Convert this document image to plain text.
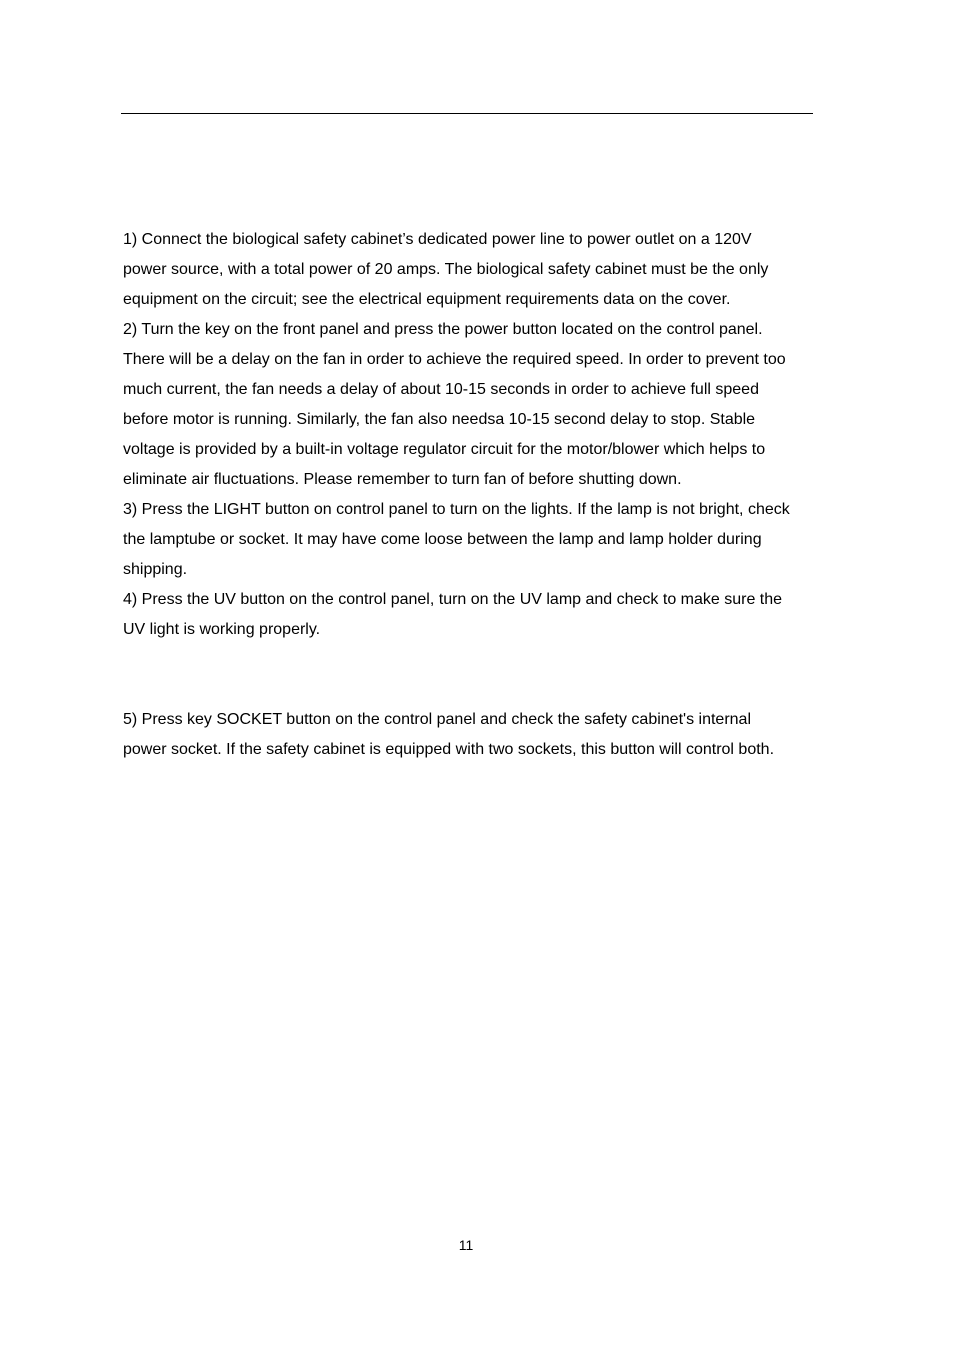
1) Connect the biological safety cabinet’s dedicated power line to power outlet on a 120V
power source, with a total power of 20 amps. The biological safety cabinet must be the only
equipment on the circuit; see the electrical equipment requirements data on the cover.

2) Turn the key on the front panel and press the power button located on the control panel.
There will be a delay on the fan in order to achieve the required speed. In order to prevent too
much current, the fan needs a delay of about 10-15 seconds in order to achieve full speed
before motor is running. Similarly, the fan also needsa 10-15 second delay to stop. Stable
voltage is provided by a built-in voltage regulator circuit for the motor/blower which helps to
eliminate air fluctuations. Please remember to turn fan of before shutting down.

3) Press the LIGHT button on control panel to turn on the lights. If the lamp is not bright, check
the lamptube or socket. It may have come loose between the lamp and lamp holder during
shipping.

4) Press the UV button on the control panel, turn on the UV lamp and check to make sure the
UV light is working properly.

5) Press key SOCKET button on the control panel and check the safety cabinet's internal
power socket. If the safety cabinet is equipped with two sockets, this button will control both.

11
